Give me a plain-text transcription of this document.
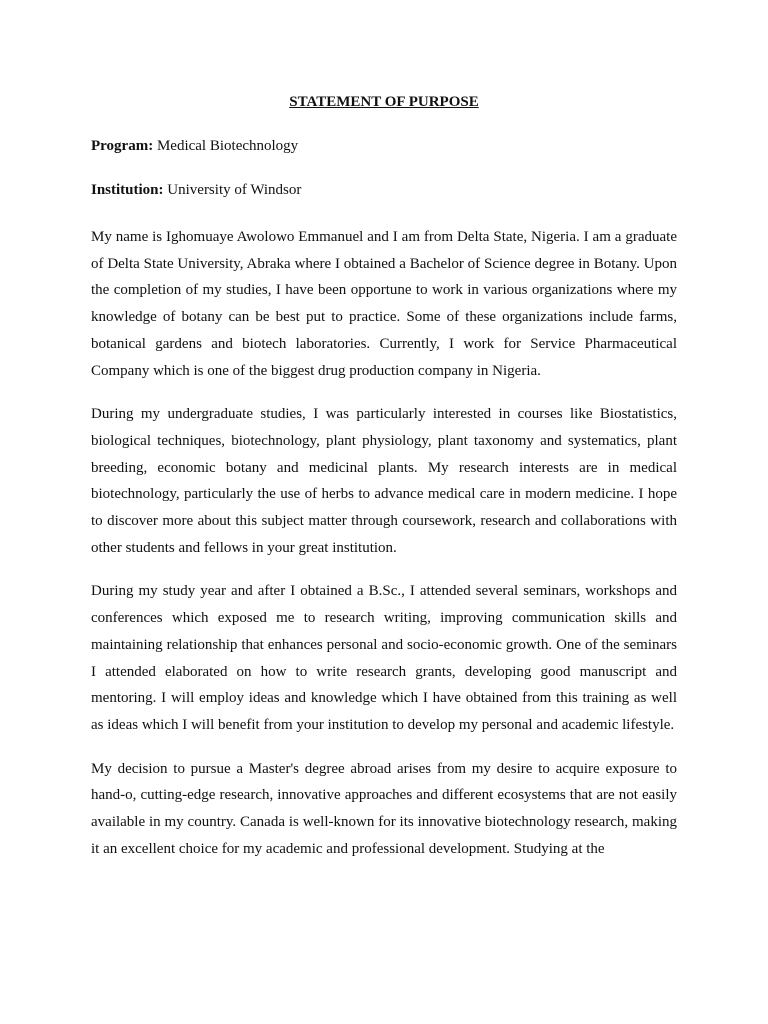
STATEMENT OF PURPOSE
Program: Medical Biotechnology
Institution: University of Windsor

My name is Ighomuaye Awolowo Emmanuel and I am from Delta State, Nigeria. I am a graduate of Delta State University, Abraka where I obtained a Bachelor of Science degree in Botany. Upon the completion of my studies, I have been opportune to work in various organizations where my knowledge of botany can be best put to practice. Some of these organizations include farms, botanical gardens and biotech laboratories. Currently, I work for Service Pharmaceutical Company which is one of the biggest drug production company in Nigeria.

During my undergraduate studies, I was particularly interested in courses like Biostatistics, biological techniques, biotechnology, plant physiology, plant taxonomy and systematics, plant breeding, economic botany and medicinal plants. My research interests are in medical biotechnology, particularly the use of herbs to advance medical care in modern medicine. I hope to discover more about this subject matter through coursework, research and collaborations with other students and fellows in your great institution.

During my study year and after I obtained a B.Sc., I attended several seminars, workshops and conferences which exposed me to research writing, improving communication skills and maintaining relationship that enhances personal and socio-economic growth. One of the seminars I attended elaborated on how to write research grants, developing good manuscript and mentoring. I will employ ideas and knowledge which I have obtained from this training as well as ideas which I will benefit from your institution to develop my personal and academic lifestyle.

My decision to pursue a Master's degree abroad arises from my desire to acquire exposure to hand-o, cutting-edge research, innovative approaches and different ecosystems that are not easily available in my country. Canada is well-known for its innovative biotechnology research, making it an excellent choice for my academic and professional development. Studying at the
